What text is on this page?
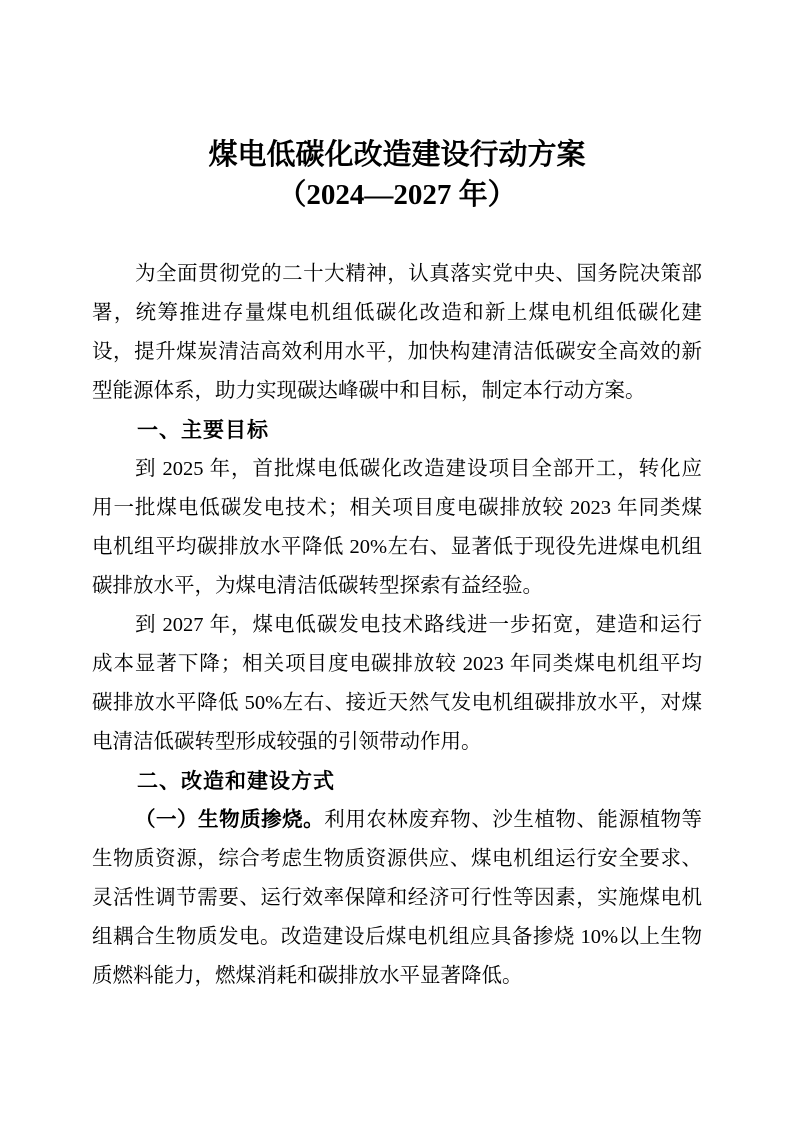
煤电低碳化改造建设行动方案
（2024—2027 年）
为全面贯彻党的二十大精神，认真落实党中央、国务院决策部
署，统筹推进存量煤电机组低碳化改造和新上煤电机组低碳化建
设，提升煤炭清洁高效利用水平，加快构建清洁低碳安全高效的新
型能源体系，助力实现碳达峰碳中和目标，制定本行动方案。
一、主要目标
到 2025 年，首批煤电低碳化改造建设项目全部开工，转化应
用一批煤电低碳发电技术；相关项目度电碳排放较 2023 年同类煤
电机组平均碳排放水平降低 20%左右、显著低于现役先进煤电机组
碳排放水平，为煤电清洁低碳转型探索有益经验。
到 2027 年，煤电低碳发电技术路线进一步拓宽，建造和运行
成本显著下降；相关项目度电碳排放较 2023 年同类煤电机组平均
碳排放水平降低 50%左右、接近天然气发电机组碳排放水平，对煤
电清洁低碳转型形成较强的引领带动作用。
二、改造和建设方式
（一）生物质掺烧。利用农林废弃物、沙生植物、能源植物等
生物质资源，综合考虑生物质资源供应、煤电机组运行安全要求、
灵活性调节需要、运行效率保障和经济可行性等因素，实施煤电机
组耦合生物质发电。改造建设后煤电机组应具备掺烧 10%以上生物
质燃料能力，燃煤消耗和碳排放水平显著降低。
